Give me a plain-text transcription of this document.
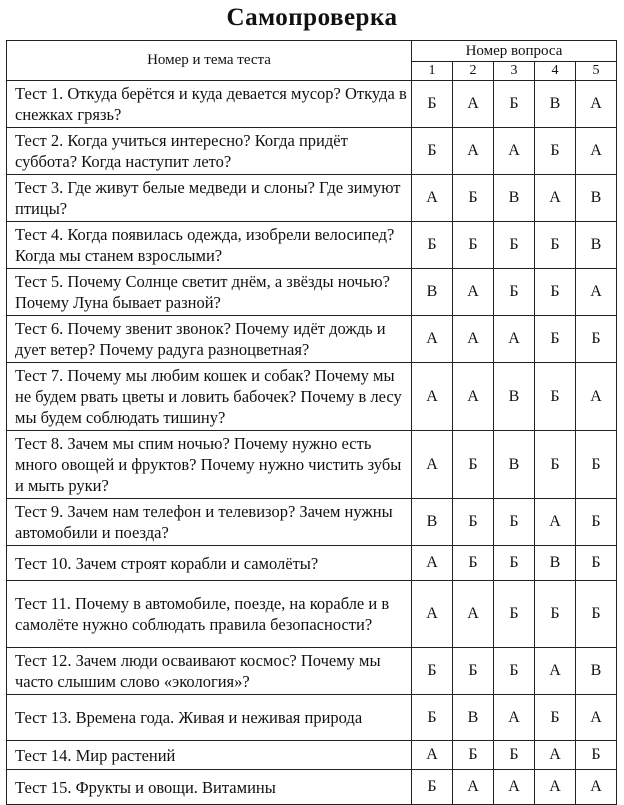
Самопроверка
Номер и тема теста	Номер вопроса				
	1	2	3	4	5
Тест 1. Откуда берётся и куда девается мусор? Откуда в снежках грязь?	Б	А	Б	В	А
Тест 2. Когда учиться интересно? Когда придёт суббота? Когда наступит лето?	Б	А	А	Б	А
Тест 3. Где живут белые медведи и слоны? Где зимуют птицы?	А	Б	В	А	В
Тест 4. Когда появилась одежда, изобрели велосипед? Когда мы станем взрослыми?	Б	Б	Б	Б	В
Тест 5. Почему Солнце светит днём, а звёзды ночью? Почему Луна бывает разной?	В	А	Б	Б	А
Тест 6. Почему звенит звонок? Почему идёт дождь и дует ветер? Почему радуга разноцветная?	А	А	А	Б	Б
Тест 7. Почему мы любим кошек и собак? Почему мы не будем рвать цветы и ловить бабочек? Почему в лесу мы будем соблюдать тишину?	А	А	В	Б	А
Тест 8. Зачем мы спим ночью? Почему нужно есть много овощей и фруктов? Почему нужно чистить зубы и мыть руки?	А	Б	В	Б	Б
Тест 9. Зачем нам телефон и телевизор? Зачем нужны автомобили и поезда?	В	Б	Б	А	Б
Тест 10. Зачем строят корабли и самолёты?	А	Б	Б	В	Б
Тест 11. Почему в автомобиле, поезде, на корабле и в самолёте нужно соблюдать правила безопасности?	А	А	Б	Б	Б
Тест 12. Зачем люди осваивают космос? Почему мы часто слышим слово «экология»?	Б	Б	Б	А	В
Тест 13. Времена года. Живая и неживая природа	Б	В	А	Б	А
Тест 14. Мир растений	А	Б	Б	А	Б
Тест 15. Фрукты и овощи. Витамины	Б	А	А	А	А
